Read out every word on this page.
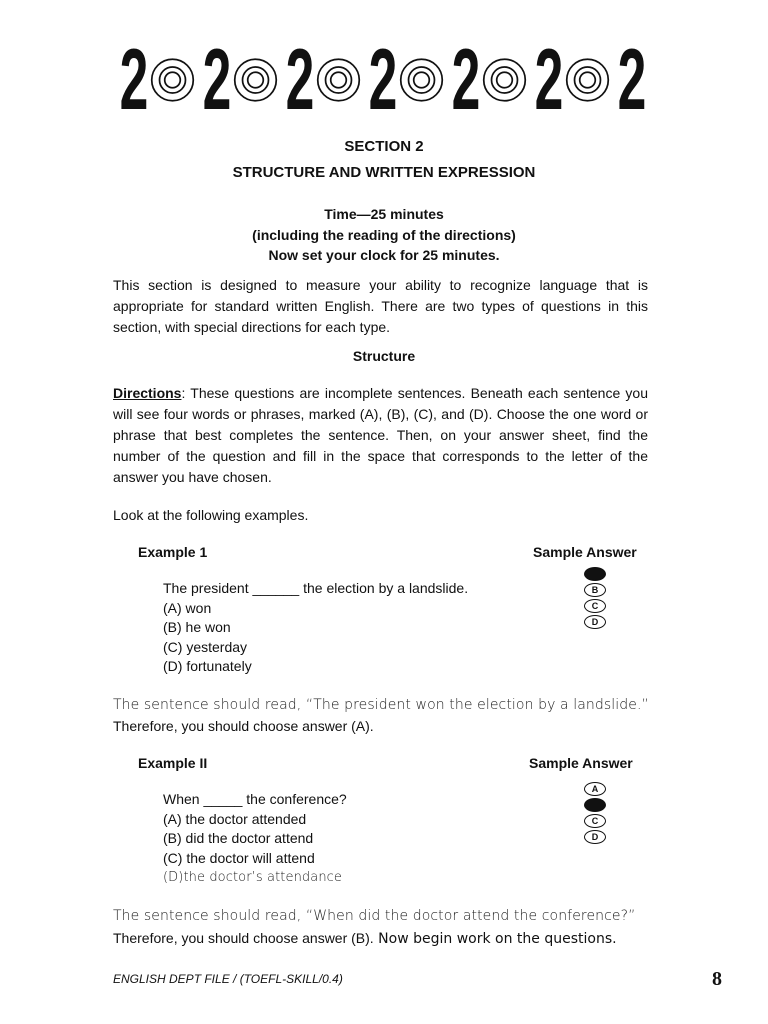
2 2 2 2 2 2 2
SECTION 2
STRUCTURE AND WRITTEN EXPRESSION
Time—25 minutes
(including the reading of the directions)
Now set your clock for 25 minutes.

This section is designed to measure your ability to recognize language that is appropriate for standard written English. There are two types of questions in this section, with special directions for each type.

Structure

Directions: These questions are incomplete sentences. Beneath each sentence you will see four words or phrases, marked (A), (B), (C), and (D). Choose the one word or phrase that best completes the sentence. Then, on your answer sheet, find the number of the question and fill in the space that corresponds to the letter of the answer you have chosen.

Look at the following examples.
Example 1	Sample Answer
The president ______ the election by a landslide.
(A) won
(B) he won
(C) yesterday
(D) fortunately
B
C
D
The sentence should read, “The president won the election by a landslide.”
Therefore, you should choose answer (A).
Example II	Sample Answer
When _____ the conference?
(A) the doctor attended
(B) did the doctor attend
(C) the doctor will attend
(D)the doctor’s attendance
A
C
D
The sentence should read, “When did the doctor attend the conference?”
Therefore, you should choose answer (B). Now begin work on the questions.
ENGLISH DEPT FILE / (TOEFL-SKILL/0.4)	8
